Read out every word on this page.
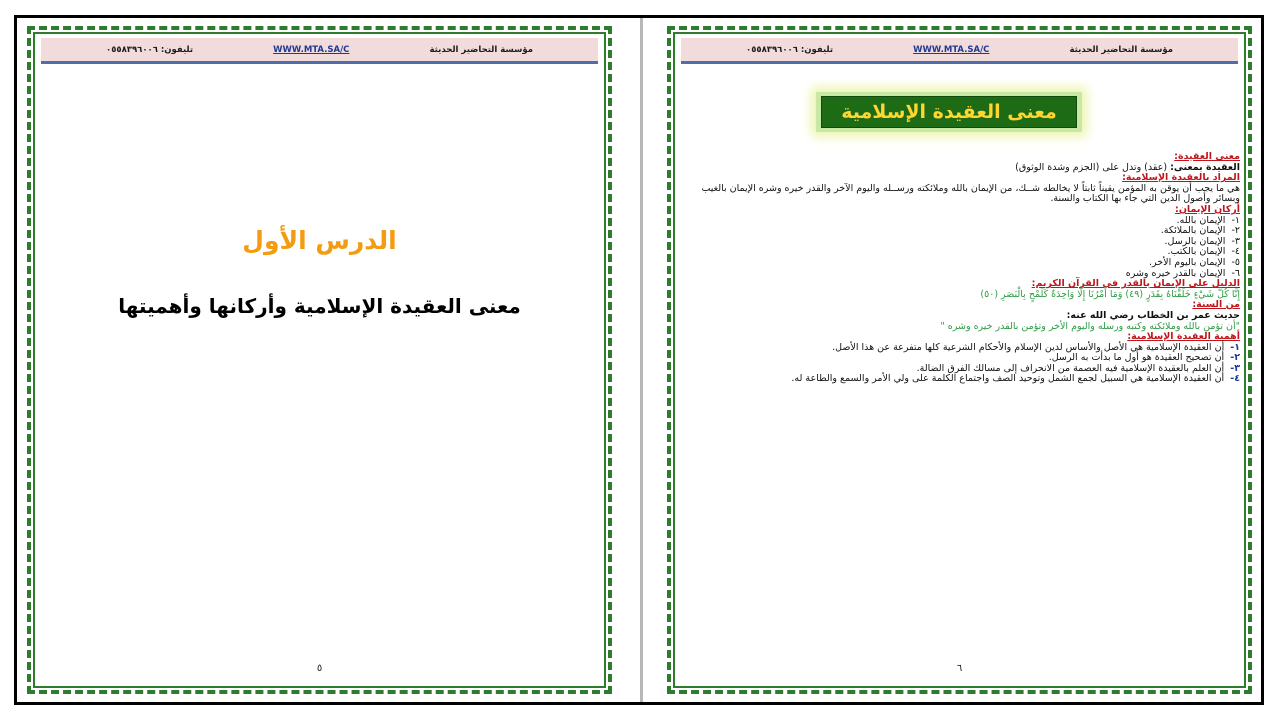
مؤسسة التحاضير الحديثة
WWW.MTA.SA/C
تليفون: ٠٥٥٨٣٩٦٠٠٦
الدرس الأول
معنى العقيدة الإسلامية وأركانها وأهميتها
٥
مؤسسة التحاضير الحديثة
WWW.MTA.SA/C
تليفون: ٠٥٥٨٣٩٦٠٠٦
معنى العقيدة الإسلامية
معنى العقيدة:
العقيدة بمعنى: (عقد) وتدل على (الجزم وشدة الوثوق)
المراد بالعقيدة الإسلامية:
هي ما يجب أن يوقن به المؤمن يقيناً ثابتاً لا يخالطه شــك، من الإيمان بالله وملائكته ورســله واليوم الآخر والقدر خيره وشره الإيمان بالغيب وبسائر وأصول الدين التي جاء بها الكتاب والسنة.
أركان الإيمان:
١- الإيمان بالله.
٢- الإيمان بالملائكة.
٣- الإيمان بالرسل.
٤- الإيمان بالكتب.
٥- الإيمان باليوم الأخر.
٦- الإيمان بالقدر خيره وشره
الدليل على الإيمان بالقدر في القرآن الكريم:
إِنَّا كُلَّ شَيْءٍ خَلَقْنَاهُ بِقَدَرٍ (٤٩) وَمَا أَمْرُنَا إِلَّا وَاحِدَةٌ كَلَمْحٍ بِالْبَصَرِ (٥٠)
من السنة:
حديث عمر بن الخطاب رضي الله عنه:
"أن تؤمن بالله وملائكته وكتبه ورسله واليوم الأخر وتؤمن بالقدر خيره وشره "
أهمية العقيدة الإسلامية:
١- أن العقيدة الإسلامية هي الأصل والأساس لدين الإسلام والأحكام الشرعية كلها متفرعة عن هذا الأصل.
٢- أن تصحيح العقيدة هو أول ما بدأت به الرسل.
٣- أن العلم بالعقيدة الإسلامية فيه العصمة من الانحراف إلى مسالك الفرق الضالة.
٤- أن العقيدة الإسلامية هي السبيل لجمع الشمل وتوحيد الصف واجتماع الكلمة على ولي الأمر والسمع والطاعة له.
٦
